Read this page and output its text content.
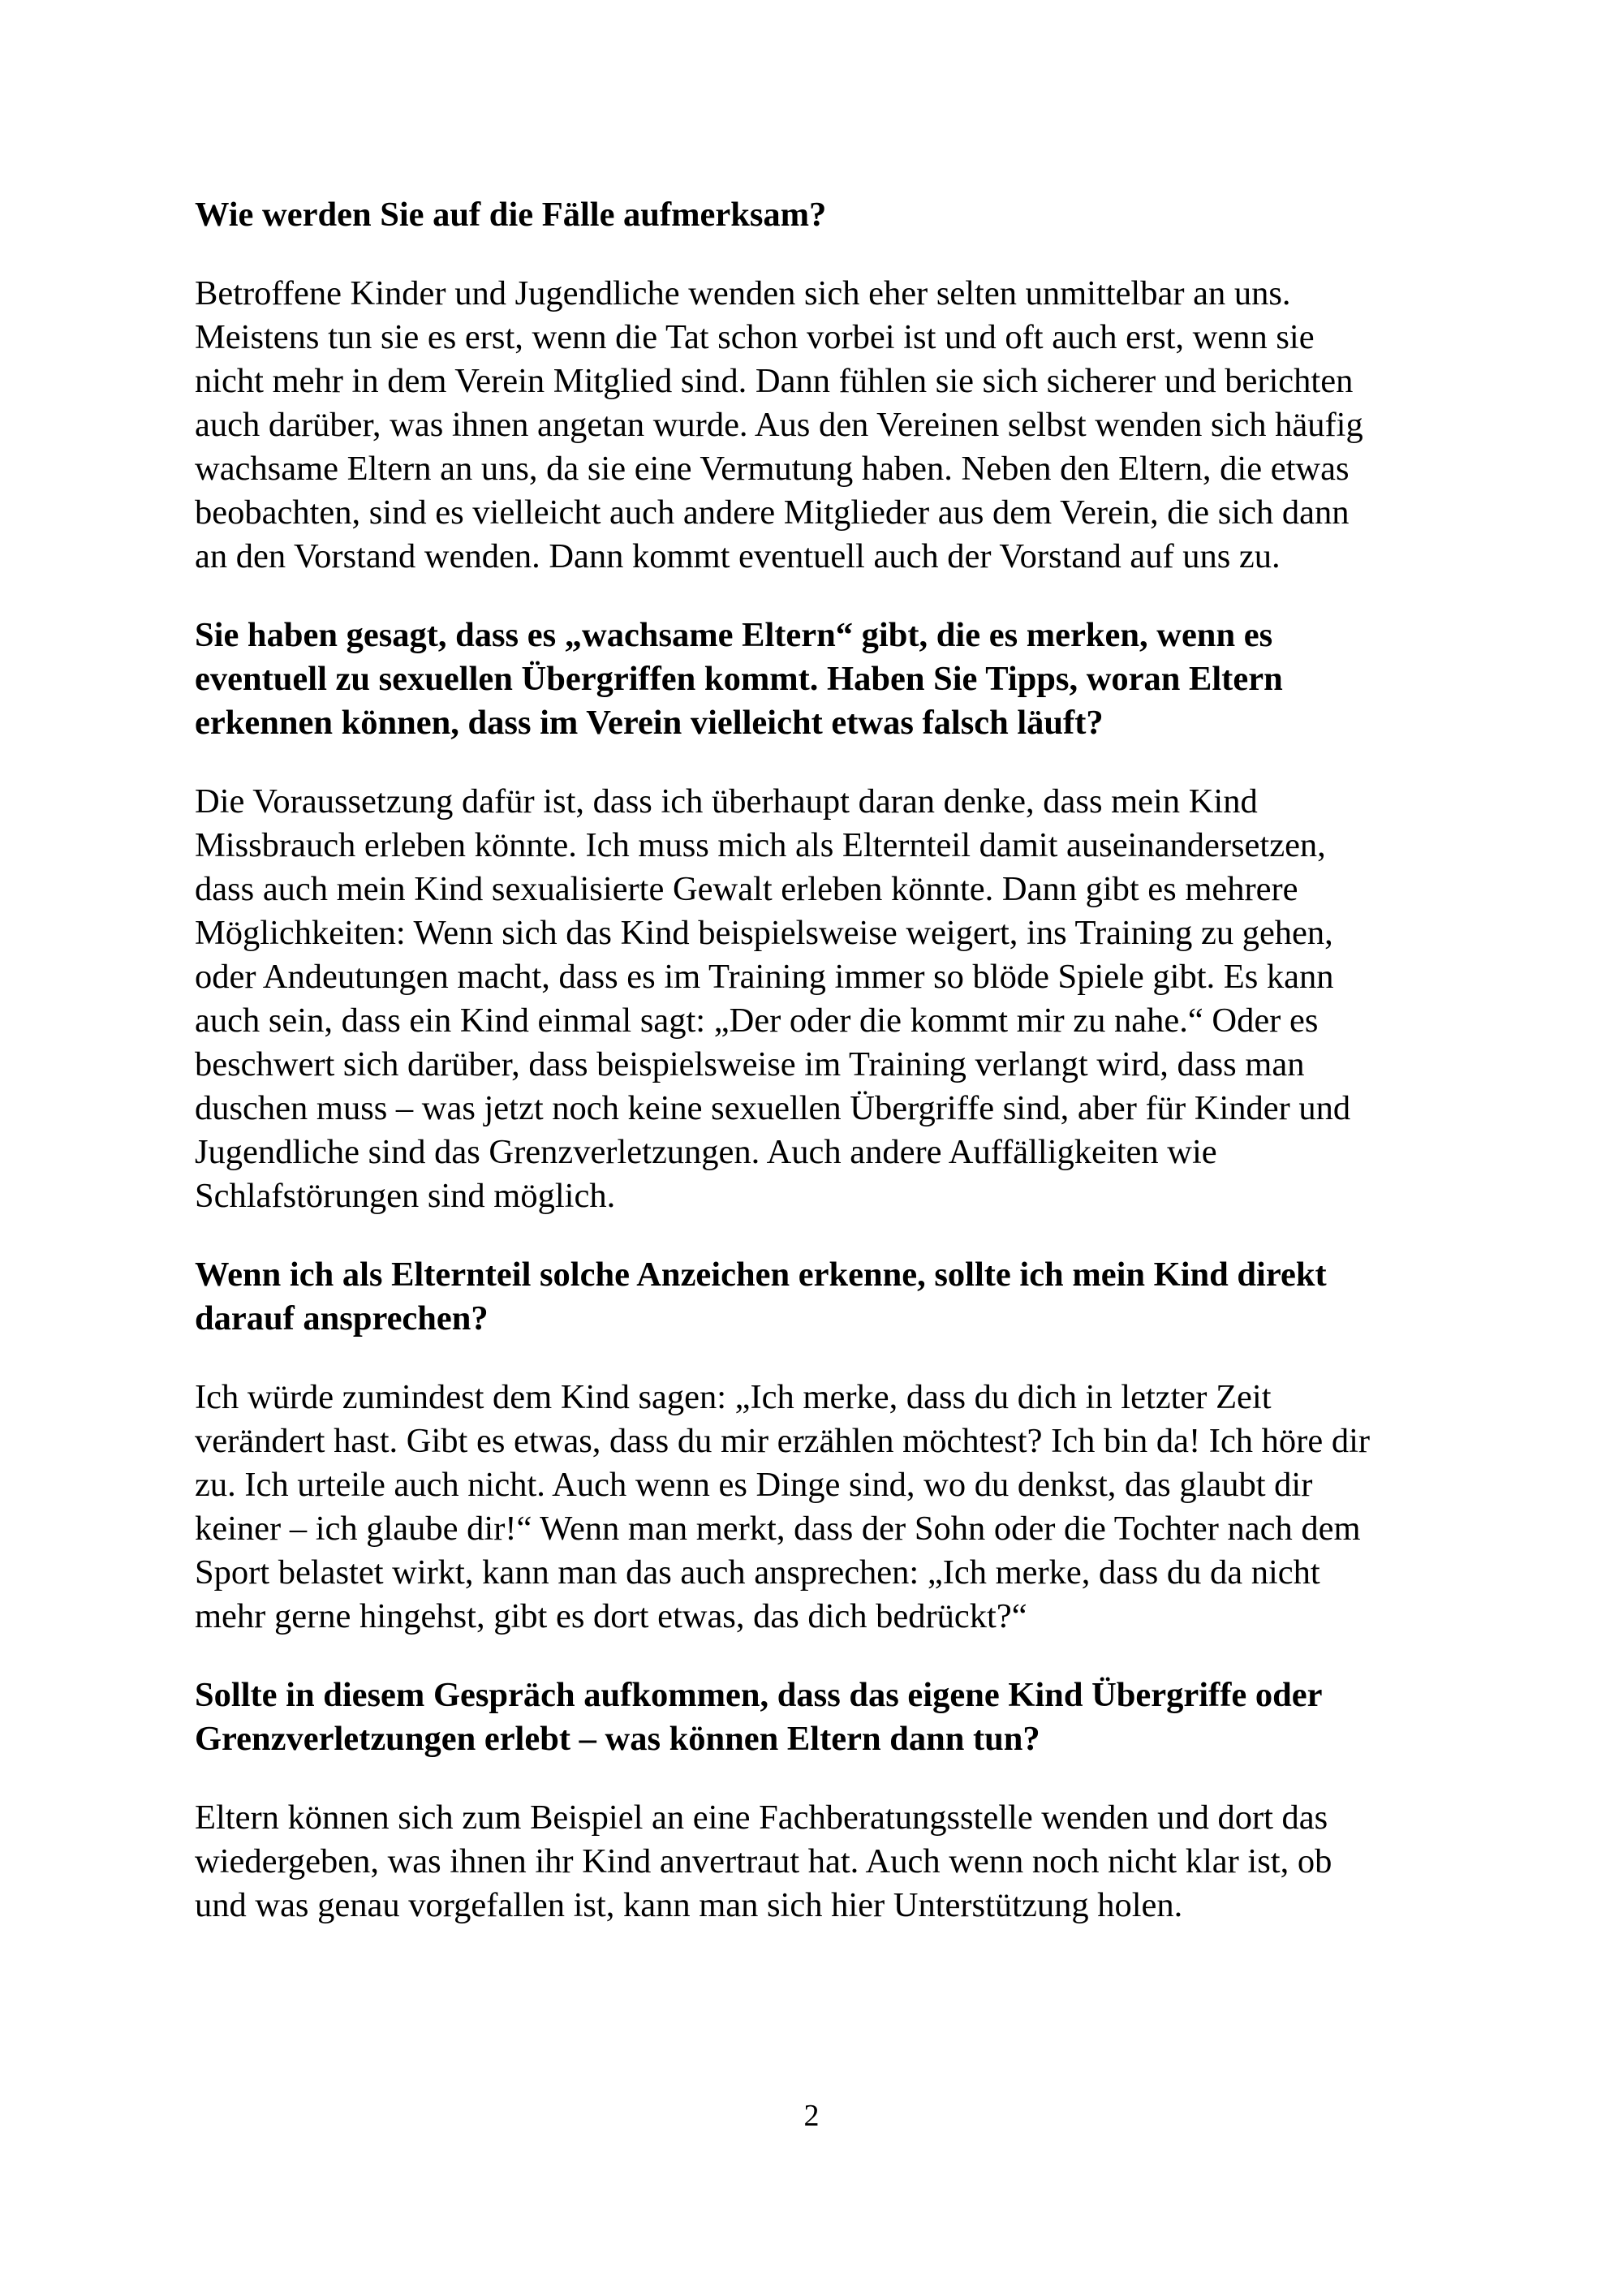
Wie werden Sie auf die Fälle aufmerksam?

Betroffene Kinder und Jugendliche wenden sich eher selten unmittelbar an uns.
Meistens tun sie es erst, wenn die Tat schon vorbei ist und oft auch erst, wenn sie
nicht mehr in dem Verein Mitglied sind. Dann fühlen sie sich sicherer und berichten
auch darüber, was ihnen angetan wurde. Aus den Vereinen selbst wenden sich häufig
wachsame Eltern an uns, da sie eine Vermutung haben. Neben den Eltern, die etwas
beobachten, sind es vielleicht auch andere Mitglieder aus dem Verein, die sich dann
an den Vorstand wenden. Dann kommt eventuell auch der Vorstand auf uns zu.

Sie haben gesagt, dass es „wachsame Eltern“ gibt, die es merken, wenn es
eventuell zu sexuellen Übergriffen kommt. Haben Sie Tipps, woran Eltern
erkennen können, dass im Verein vielleicht etwas falsch läuft?

Die Voraussetzung dafür ist, dass ich überhaupt daran denke, dass mein Kind
Missbrauch erleben könnte. Ich muss mich als Elternteil damit auseinandersetzen,
dass auch mein Kind sexualisierte Gewalt erleben könnte. Dann gibt es mehrere
Möglichkeiten: Wenn sich das Kind beispielsweise weigert, ins Training zu gehen,
oder Andeutungen macht, dass es im Training immer so blöde Spiele gibt. Es kann
auch sein, dass ein Kind einmal sagt: „Der oder die kommt mir zu nahe.“ Oder es
beschwert sich darüber, dass beispielsweise im Training verlangt wird, dass man
duschen muss – was jetzt noch keine sexuellen Übergriffe sind, aber für Kinder und
Jugendliche sind das Grenzverletzungen. Auch andere Auffälligkeiten wie
Schlafstörungen sind möglich.

Wenn ich als Elternteil solche Anzeichen erkenne, sollte ich mein Kind direkt
darauf ansprechen?

Ich würde zumindest dem Kind sagen: „Ich merke, dass du dich in letzter Zeit
verändert hast. Gibt es etwas, dass du mir erzählen möchtest? Ich bin da! Ich höre dir
zu. Ich urteile auch nicht. Auch wenn es Dinge sind, wo du denkst, das glaubt dir
keiner – ich glaube dir!“ Wenn man merkt, dass der Sohn oder die Tochter nach dem
Sport belastet wirkt, kann man das auch ansprechen: „Ich merke, dass du da nicht
mehr gerne hingehst, gibt es dort etwas, das dich bedrückt?“

Sollte in diesem Gespräch aufkommen, dass das eigene Kind Übergriffe oder
Grenzverletzungen erlebt – was können Eltern dann tun?

Eltern können sich zum Beispiel an eine Fachberatungsstelle wenden und dort das
wiedergeben, was ihnen ihr Kind anvertraut hat. Auch wenn noch nicht klar ist, ob
und was genau vorgefallen ist, kann man sich hier Unterstützung holen.

2
